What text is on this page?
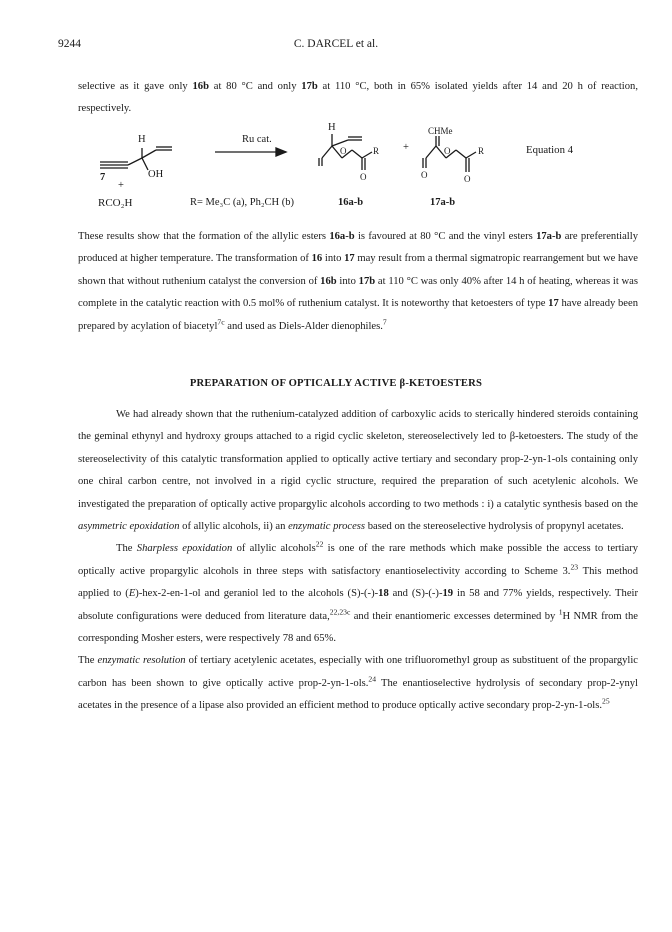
9244	C. DARCEL et al.

selective as it gave only 16b at 80 °C and only 17b at 110 °C, both in 65% isolated yields after 14 and 20 h of reaction, respectively.

H
OH
7
+
RCO₂H
Ru cat.
R= Me₃C (a), Ph₂CH (b)
H
O	R
O
+
CHMe
O	R
O	O
16a-b	17a-b
Equation 4

These results show that the formation of the allylic esters 16a-b is favoured at 80 °C and the vinyl esters 17a-b are preferentially produced at higher temperature. The transformation of 16 into 17 may result from a thermal sigmatropic rearrangement but we have shown that without ruthenium catalyst the conversion of 16b into 17b at 110 °C was only 40% after 14 h of heating, whereas it was complete in the catalytic reaction with 0.5 mol% of ruthenium catalyst. It is noteworthy that ketoesters of type 17 have already been prepared by acylation of biacetyl$^{7c}$ and used as Diels-Alder dienophiles.$^7$

PREPARATION OF OPTICALLY ACTIVE β-KETOESTERS

We had already shown that the ruthenium-catalyzed addition of carboxylic acids to sterically hindered steroids containing the geminal ethynyl and hydroxy groups attached to a rigid cyclic skeleton, stereoselectively led to β-ketoesters. The study of the stereoselectivity of this catalytic transformation applied to optically active tertiary and secondary prop-2-yn-1-ols containing only one chiral carbon centre, not involved in a rigid cyclic structure, required the preparation of such acetylenic alcohols. We investigated the preparation of optically active propargylic alcohols according to two methods : i) a catalytic synthesis based on the asymmetric epoxidation of allylic alcohols, ii) an enzymatic process based on the stereoselective hydrolysis of propynyl acetates.

The Sharpless epoxidation of allylic alcohols$^{22}$ is one of the rare methods which make possible the access to tertiary optically active propargylic alcohols in three steps with satisfactory enantioselectivity according to Scheme 3.23 This method applied to (E)-hex-2-en-1-ol and geraniol led to the alcohols (S)-(-)-18 and (S)-(-)-19 in 58 and 77% yields, respectively. Their absolute configurations were deduced from literature data,$^{22,23c}$ and their enantiomeric excesses determined by $^1$H NMR from the corresponding Mosher esters, were respectively 78 and 65%.

The enzymatic resolution of tertiary acetylenic acetates, especially with one trifluoromethyl group as substituent of the propargylic carbon has been shown to give optically active prop-2-yn-1-ols.$^{24}$ The enantioselective hydrolysis of secondary prop-2-ynyl acetates in the presence of a lipase also provided an efficient method to produce optically active secondary prop-2-yn-1-ols.$^{25}$
